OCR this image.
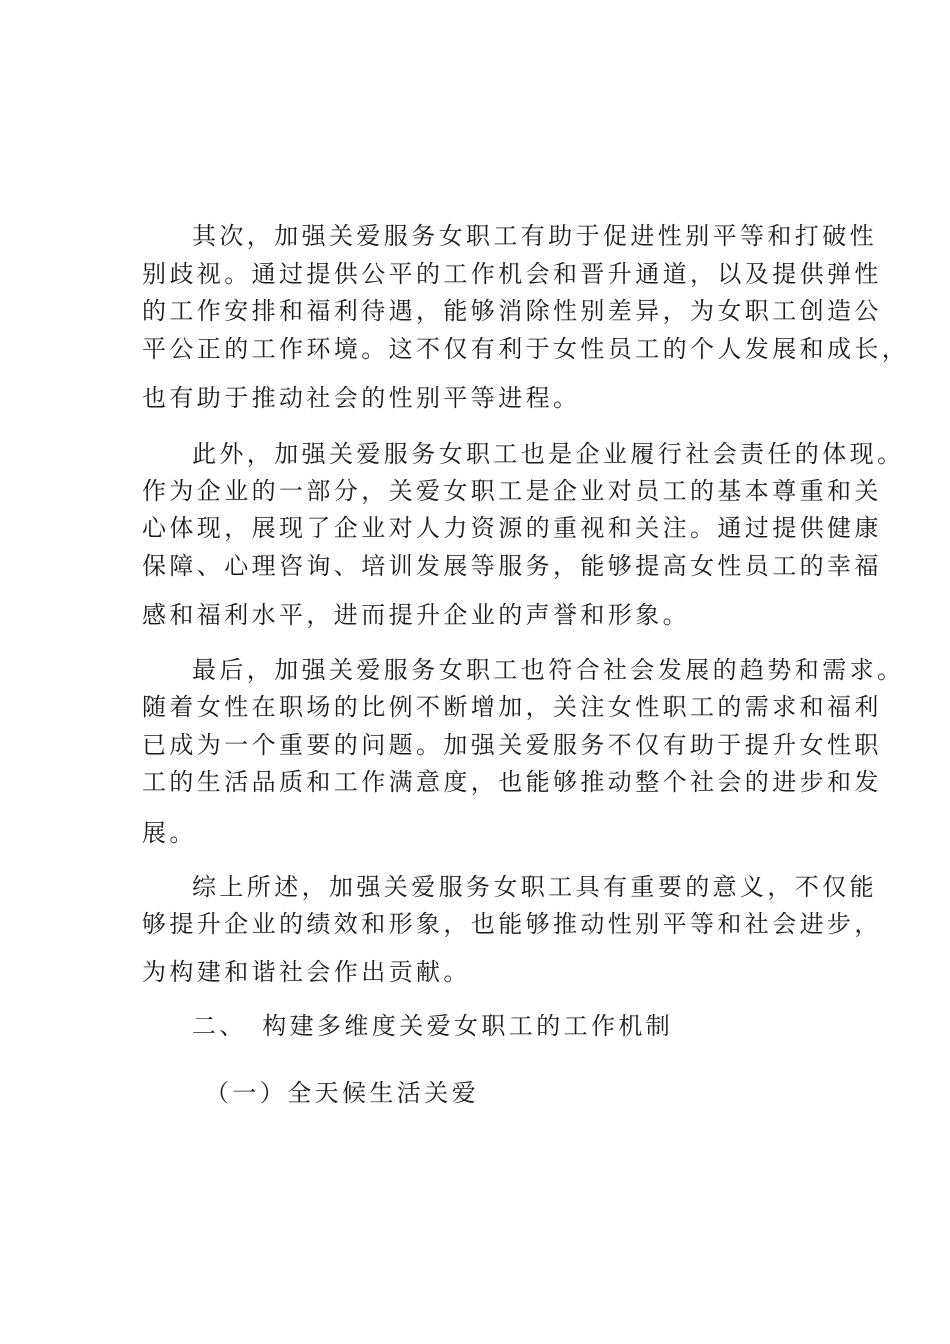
其次，加强关爱服务女职工有助于促进性别平等和打破性
别歧视。通过提供公平的工作机会和晋升通道，以及提供弹性
的工作安排和福利待遇，能够消除性别差异，为女职工创造公
平公正的工作环境。这不仅有利于女性员工的个人发展和成长，
也有助于推动社会的性别平等进程。
此外，加强关爱服务女职工也是企业履行社会责任的体现。
作为企业的一部分，关爱女职工是企业对员工的基本尊重和关
心体现，展现了企业对人力资源的重视和关注。通过提供健康
保障、心理咨询、培训发展等服务，能够提高女性员工的幸福
感和福利水平，进而提升企业的声誉和形象。
最后，加强关爱服务女职工也符合社会发展的趋势和需求。
随着女性在职场的比例不断增加，关注女性职工的需求和福利
已成为一个重要的问题。加强关爱服务不仅有助于提升女性职
工的生活品质和工作满意度，也能够推动整个社会的进步和发
展。
综上所述，加强关爱服务女职工具有重要的意义，不仅能
够提升企业的绩效和形象，也能够推动性别平等和社会进步，
为构建和谐社会作出贡献。
二、　构建多维度关爱女职工的工作机制
（一）全天候生活关爱
